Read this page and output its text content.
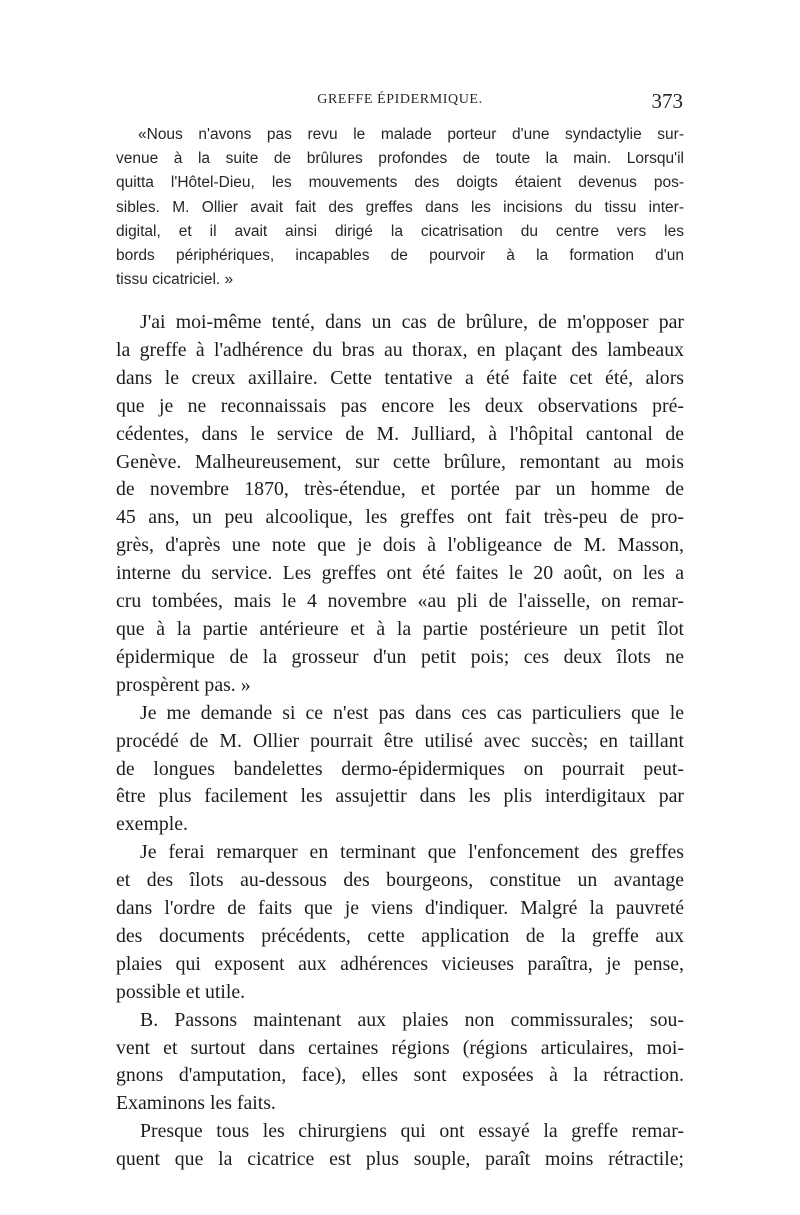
GREFFE ÉPIDERMIQUE.	373
«Nous n'avons pas revu le malade porteur d'une syndactylie sur-
venue à la suite de brûlures profondes de toute la main. Lorsqu'il
quitta l'Hôtel-Dieu, les mouvements des doigts étaient devenus pos-
sibles. M. Ollier avait fait des greffes dans les incisions du tissu inter-
digital, et il avait ainsi dirigé la cicatrisation du centre vers les
bords périphériques, incapables de pourvoir à la formation d'un
tissu cicatriciel. »
J'ai moi-même tenté, dans un cas de brûlure, de m'opposer par
la greffe à l'adhérence du bras au thorax, en plaçant des lambeaux
dans le creux axillaire. Cette tentative a été faite cet été, alors
que je ne reconnaissais pas encore les deux observations pré-
cédentes, dans le service de M. Julliard, à l'hôpital cantonal de
Genève. Malheureusement, sur cette brûlure, remontant au mois
de novembre 1870, très-étendue, et portée par un homme de
45 ans, un peu alcoolique, les greffes ont fait très-peu de pro-
grès, d'après une note que je dois à l'obligeance de M. Masson,
interne du service. Les greffes ont été faites le 20 août, on les a
cru tombées, mais le 4 novembre «au pli de l'aisselle, on remar-
que à la partie antérieure et à la partie postérieure un petit îlot
épidermique de la grosseur d'un petit pois; ces deux îlots ne
prospèrent pas. »
Je me demande si ce n'est pas dans ces cas particuliers que le
procédé de M. Ollier pourrait être utilisé avec succès; en taillant
de longues bandelettes dermo-épidermiques on pourrait peut-
être plus facilement les assujettir dans les plis interdigitaux par
exemple.
Je ferai remarquer en terminant que l'enfoncement des greffes
et des îlots au-dessous des bourgeons, constitue un avantage
dans l'ordre de faits que je viens d'indiquer. Malgré la pauvreté
des documents précédents, cette application de la greffe aux
plaies qui exposent aux adhérences vicieuses paraîtra, je pense,
possible et utile.
B. Passons maintenant aux plaies non commissurales; sou-
vent et surtout dans certaines régions (régions articulaires, moi-
gnons d'amputation, face), elles sont exposées à la rétraction.
Examinons les faits.
Presque tous les chirurgiens qui ont essayé la greffe remar-
quent que la cicatrice est plus souple, paraît moins rétractile;
